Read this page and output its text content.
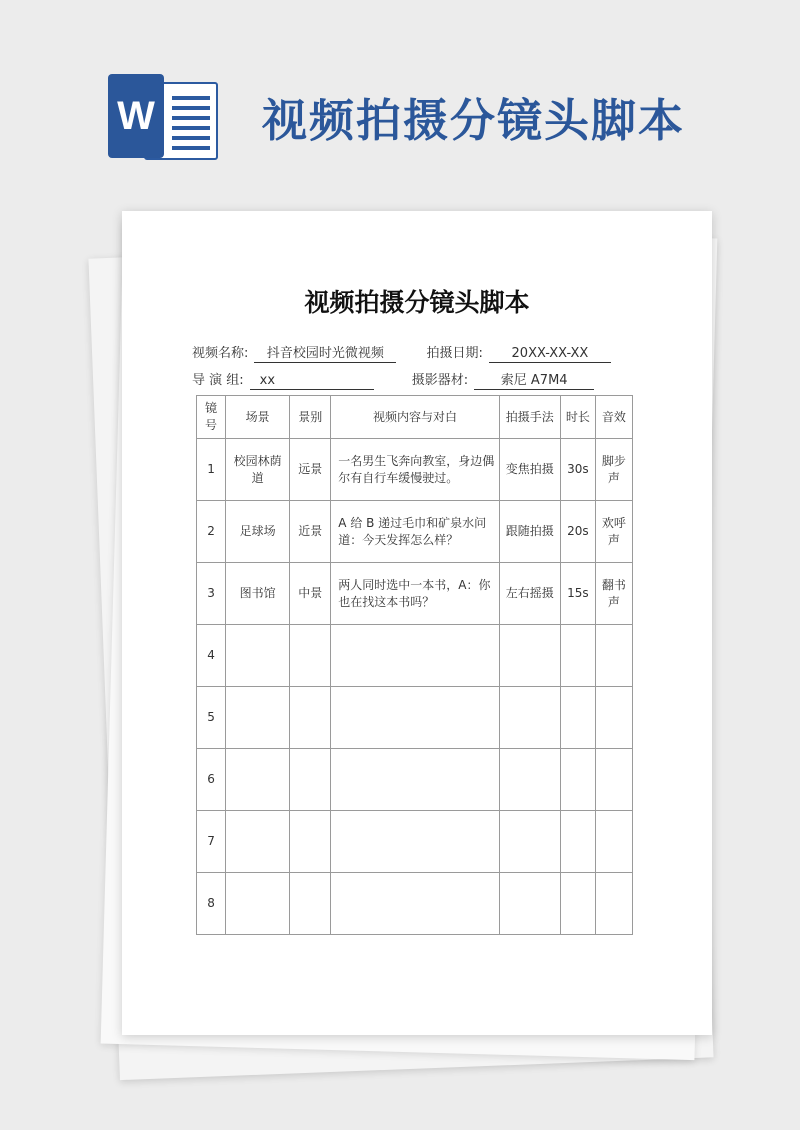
W 视频拍摄分镜头脚本
视频拍摄分镜头脚本
视频名称: 抖音校园时光微视频	拍摄日期: 20XX-XX-XX
导 演 组: xx	摄影器材:	索尼 A7M4
镜号	场景	景别	视频内容与对白	拍摄手法	时长	音效
1	校园林荫道	远景	一名男生飞奔向教室，身边偶尔有自行车缓慢驶过。	变焦拍摄	30s	脚步声
2	足球场	近景	A 给 B 递过毛巾和矿泉水问道：今天发挥怎么样？	跟随拍摄	20s	欢呼声
3	图书馆	中景	两人同时选中一本书，A：你也在找这本书吗？	左右摇摄	15s	翻书声
4						
5						
6						
7						
8						
